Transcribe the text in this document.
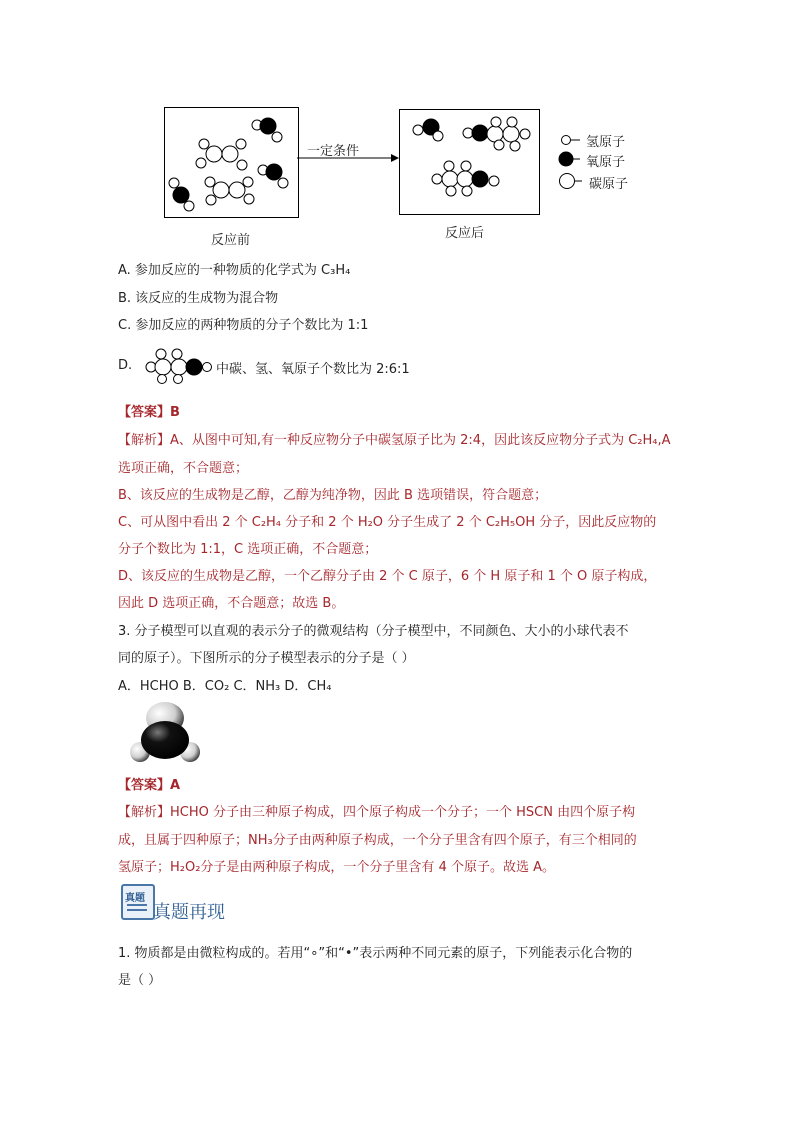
一定条件
反应前	反应后
氢原子
氧原子
碳原子
A. 参加反应的一种物质的化学式为 C₃H₄
B. 该反应的生成物为混合物
C. 参加反应的两种物质的分子个数比为 1:1
D.	中碳、氢、氧原子个数比为 2:6:1
【答案】B
【解析】A、从图中可知,有一种反应物分子中碳氢原子比为 2:4，因此该反应物分子式为 C₂H₄,A
选项正确，不合题意；
B、该反应的生成物是乙醇，乙醇为纯净物，因此 B 选项错误，符合题意；
C、可从图中看出 2 个 C₂H₄ 分子和 2 个 H₂O 分子生成了 2 个 C₂H₅OH 分子，因此反应物的
分子个数比为 1:1，C 选项正确，不合题意；
D、该反应的生成物是乙醇，一个乙醇分子由 2 个 C 原子，6 个 H 原子和 1 个 O 原子构成，
因此 D 选项正确，不合题意；故选 B。
3. 分子模型可以直观的表示分子的微观结构（分子模型中，不同颜色、大小的小球代表不
同的原子）。下图所示的分子模型表示的分子是（ ）
A．HCHO B．CO₂ C．NH₃ D．CH₄
【答案】A
【解析】HCHO 分子由三种原子构成，四个原子构成一个分子；一个 HSCN 由四个原子构
成，且属于四种原子；NH₃分子由两种原子构成，一个分子里含有四个原子，有三个相同的
氢原子；H₂O₂分子是由两种原子构成，一个分子里含有 4 个原子。故选 A。
真题
真题再现
1. 物质都是由微粒构成的。若用“∘”和“•”表示两种不同元素的原子，下列能表示化合物的
是（ ）
